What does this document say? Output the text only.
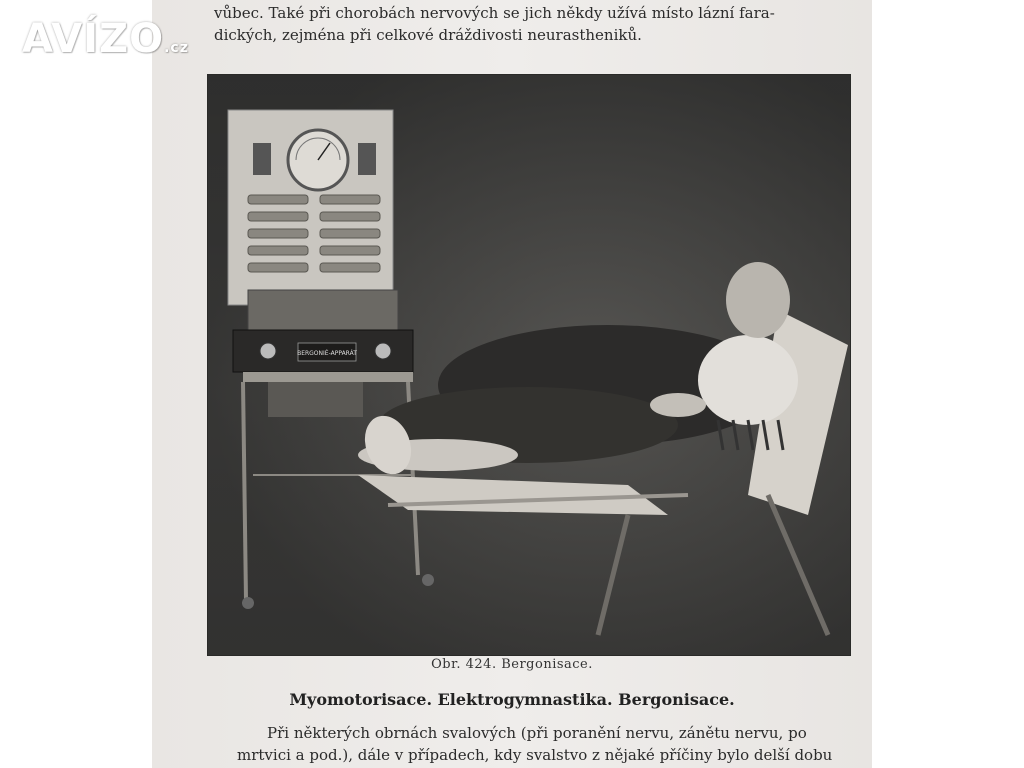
vůbec. Také při chorobách nervových se jich někdy užívá místo lázní fara-

dických, zejména při celkové dráždivosti neurastheniků.

BERGONIÉ-APPARÁT
Obr. 424. Bergonisace.
Myomotorisace. Elektrogymnastika. Bergonisace.

Při některých obrnách svalových (při poranění nervu, zánětu nervu, po

mrtvici a pod.), dále v případech, kdy svalstvo z nějaké příčiny bylo delší dobu

AVÍZO.cz
